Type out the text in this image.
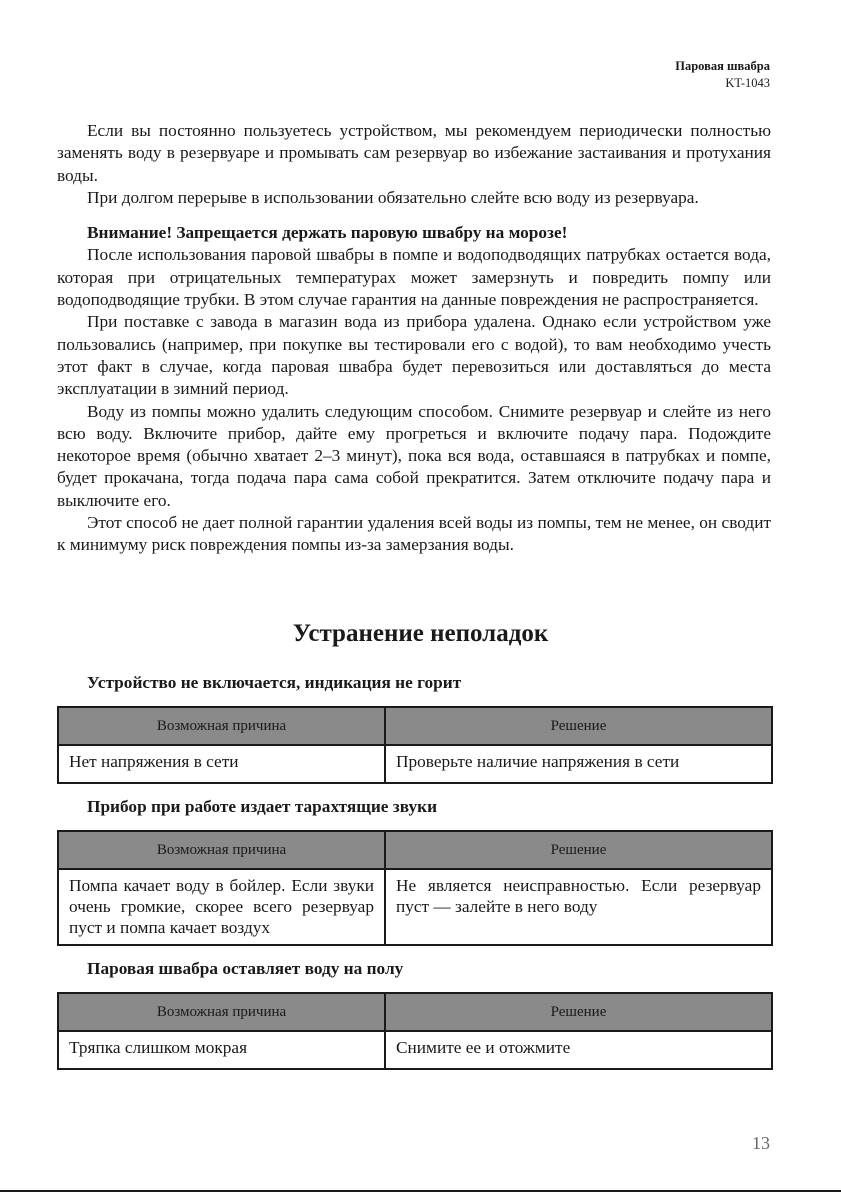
Паровая швабра
KT-1043

Если вы постоянно пользуетесь устройством, мы рекомендуем периодически полностью заменять воду в резервуаре и промывать сам резервуар во избежание застаивания и протухания воды.

При долгом перерыве в использовании обязательно слейте всю воду из резервуара.

Внимание! Запрещается держать паровую швабру на морозе!

После использования паровой швабры в помпе и водоподводящих патрубках остается вода, которая при отрицательных температурах может замерзнуть и повредить помпу или водоподводящие трубки. В этом случае гарантия на данные повреждения не распространяется.

При поставке с завода в магазин вода из прибора удалена. Однако если устройством уже пользовались (например, при покупке вы тестировали его с водой), то вам необходимо учесть этот факт в случае, когда паровая швабра будет перевозиться или доставляться до места эксплуатации в зимний период.

Воду из помпы можно удалить следующим способом. Снимите резервуар и слейте из него всю воду. Включите прибор, дайте ему прогреться и включите подачу пара. Подождите некоторое время (обычно хватает 2–3 минут), пока вся вода, оставшаяся в патрубках и помпе, будет прокачана, тогда подача пара сама собой прекратится. Затем отключите подачу пара и выключите его.

Этот способ не дает полной гарантии удаления всей воды из помпы, тем не менее, он сводит к минимуму риск повреждения помпы из-за замерзания воды.

Устранение неполадок
Устройство не включается, индикация не горит
Возможная причина	Решение
Нет напряжения в сети	Проверьте наличие напряжения в сети
Прибор при работе издает тарахтящие звуки
Возможная причина	Решение
Помпа качает воду в бойлер. Если звуки очень громкие, скорее всего резервуар пуст и помпа качает воздух	Не является неисправностью. Если резервуар пуст — залейте в него воду
Паровая швабра оставляет воду на полу
Возможная причина	Решение
Тряпка слишком мокрая	Снимите ее и отожмите
13
